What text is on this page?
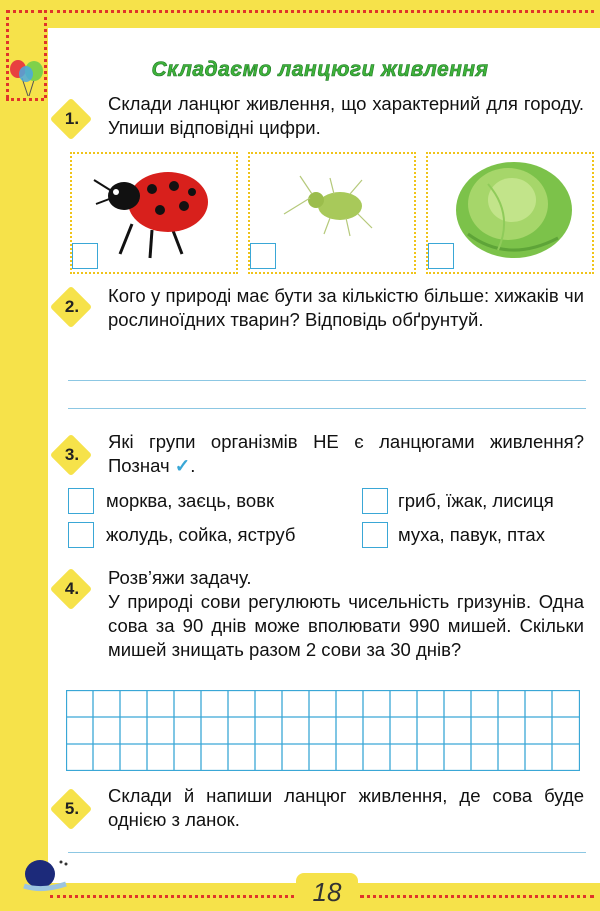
Складаємо ланцюги живлення
1.
Склади ланцюг живлення, що характерний для городу. Упиши відповідні цифри.
2.
Кого у природі має бути за кількістю більше: хижаків чи рослиноїдних тварин? Відповідь обґрунтуй.
3.
Які групи організмів НЕ є ланцюгами живлення? Познач ✓.
морква, заєць, вовк	гриб, їжак, лисиця
жолудь, сойка, яструб	муха, павук, птах
4.
Розв’яжи задачу.
У природі сови регулюють чисельність гризунів. Одна сова за 90 днів може вполювати 990 мишей. Скільки мишей знищать разом 2 сови за 30 днів?
5.
Склади й напиши ланцюг живлення, де сова буде однією з ланок.
18
